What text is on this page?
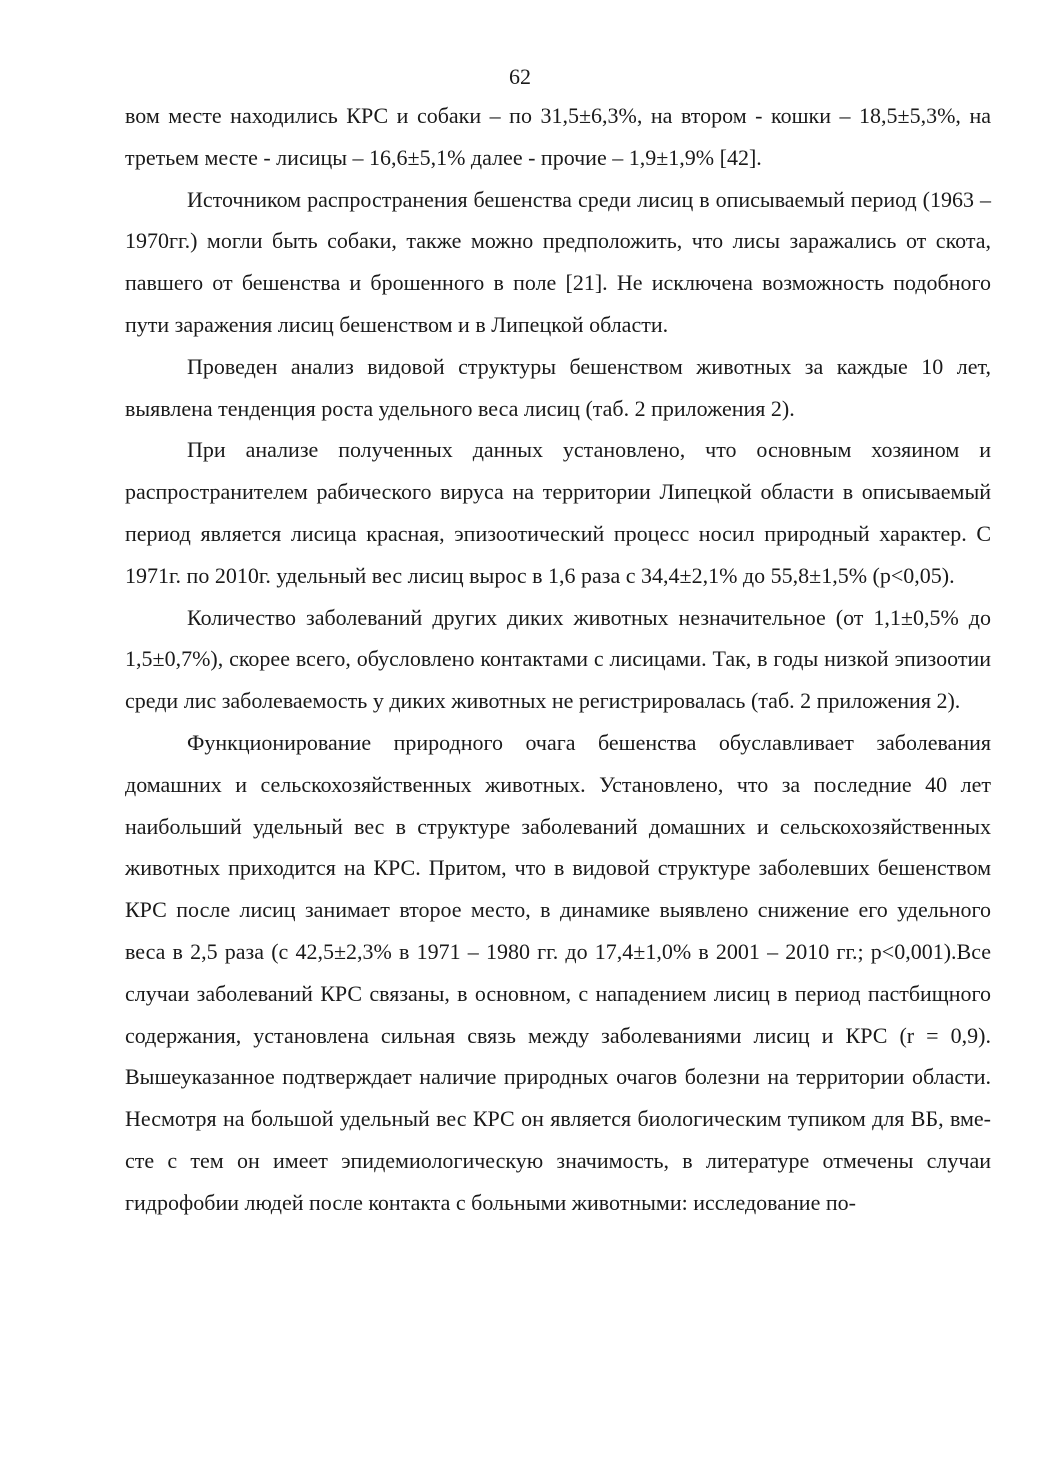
62

вом месте находились КРС и собаки – по 31,5±6,3%, на втором - кошки – 18,5±5,3%, на третьем месте - лисицы – 16,6±5,1% далее - прочие – 1,9±1,9% [42].

Источником распространения бешенства среди лисиц в описываемый период (1963 – 1970гг.) могли быть собаки, также можно предположить, что лисы заражались от скота, павшего от бешенства и брошенного в поле [21]. Не исключена возможность подобного пути заражения лисиц бешенством и в Липецкой области.

Проведен анализ видовой структуры бешенством животных за каждые 10 лет, выявлена тенденция роста удельного веса лисиц (таб. 2 приложения 2).

При анализе полученных данных установлено, что основным хозяином и распространителем рабического вируса на территории Липецкой области в описываемый период является лисица красная, эпизоотический процесс носил природный характер. С 1971г. по 2010г. удельный вес лисиц вырос в 1,6 раза с 34,4±2,1% до 55,8±1,5% (p<0,05).

Количество заболеваний других диких животных незначительное (от 1,1±0,5% до 1,5±0,7%), скорее всего, обусловлено контактами с лисицами. Так, в годы низкой эпизоотии среди лис заболеваемость у диких животных не регистрировалась (таб. 2 приложения 2).

Функционирование природного очага бешенства обуславливает заболевания домашних и сельскохозяйственных животных. Установлено, что за последние 40 лет наибольший удельный вес в структуре заболеваний домашних и сельскохозяйственных животных приходится на КРС. Притом, что в видовой структуре заболевших бешенством КРС после лисиц занимает второе место, в динамике выявлено снижение его удельного веса в 2,5 раза (с 42,5±2,3% в 1971 – 1980 гг. до 17,4±1,0% в 2001 – 2010 гг.; p<0,001).Все случаи заболеваний КРС связаны, в основном, с нападением лисиц в период пастбищного содержания, установлена сильная связь между заболеваниями лисиц и КРС (r = 0,9). Вышеуказанное подтверждает наличие природных очагов болезни на территории области. Несмотря на большой удельный вес КРС он является биологическим тупиком для ВБ, вместе с тем он имеет эпидемиологическую значимость, в литературе отмечены случаи гидрофобии людей после контакта с больными животными: исследование по-
